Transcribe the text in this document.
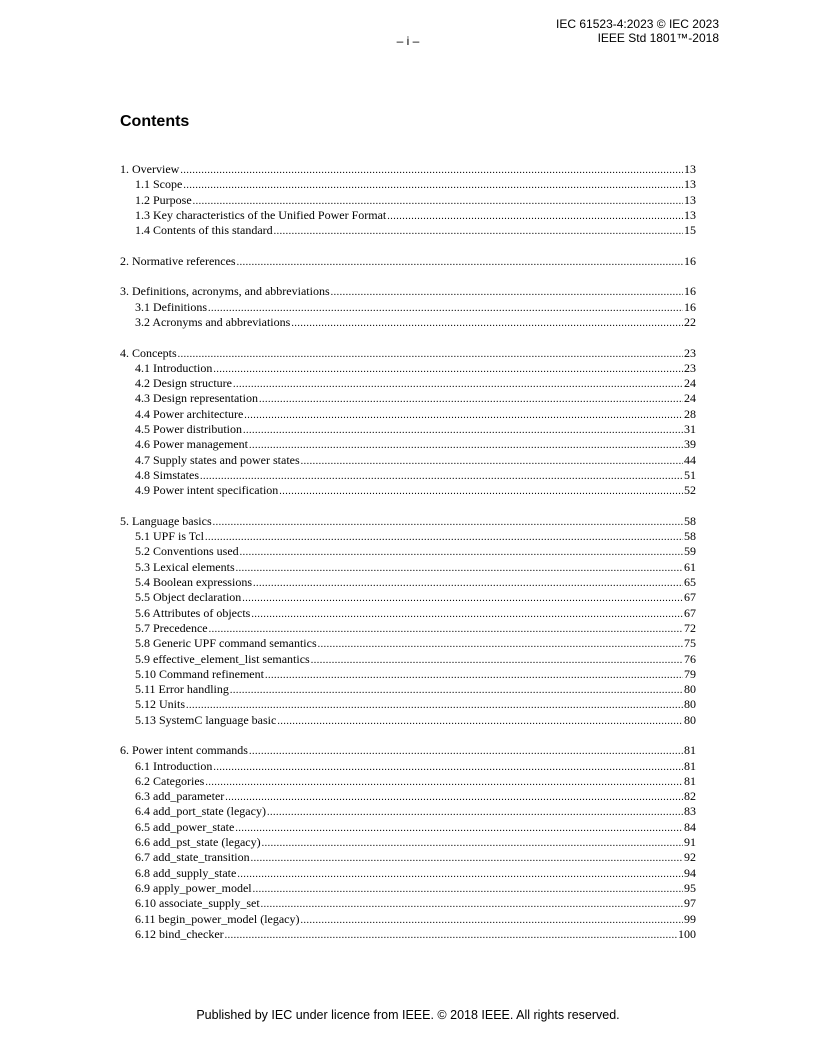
IEC 61523-4:2023 © IEC 2023
IEEE Std 1801™-2018
– i –
Contents
1. Overview .....	13
1.1 Scope .....	13
1.2 Purpose .....	13
1.3 Key characteristics of the Unified Power Format .....	13
1.4 Contents of this standard .....	15
2. Normative references .....	16
3. Definitions, acronyms, and abbreviations .....	16
3.1 Definitions .....	16
3.2 Acronyms and abbreviations .....	22
4. Concepts .....	23
4.1 Introduction .....	23
4.2 Design structure .....	24
4.3 Design representation .....	24
4.4 Power architecture .....	28
4.5 Power distribution .....	31
4.6 Power management .....	39
4.7 Supply states and power states .....	44
4.8 Simstates .....	51
4.9 Power intent specification .....	52
5. Language basics .....	58
5.1 UPF is Tcl .....	58
5.2 Conventions used .....	59
5.3 Lexical elements .....	61
5.4 Boolean expressions .....	65
5.5 Object declaration .....	67
5.6 Attributes of objects .....	67
5.7 Precedence .....	72
5.8 Generic UPF command semantics .....	75
5.9 effective_element_list semantics .....	76
5.10 Command refinement .....	79
5.11 Error handling .....	80
5.12 Units .....	80
5.13 SystemC language basic .....	80
6. Power intent commands .....	81
6.1 Introduction .....	81
6.2 Categories .....	81
6.3 add_parameter .....	82
6.4 add_port_state (legacy) .....	83
6.5 add_power_state .....	84
6.6 add_pst_state (legacy) .....	91
6.7 add_state_transition .....	92
6.8 add_supply_state .....	94
6.9 apply_power_model .....	95
6.10 associate_supply_set .....	97
6.11 begin_power_model (legacy) .....	99
6.12 bind_checker .....	100
Published by IEC under licence from IEEE. © 2018 IEEE. All rights reserved.
